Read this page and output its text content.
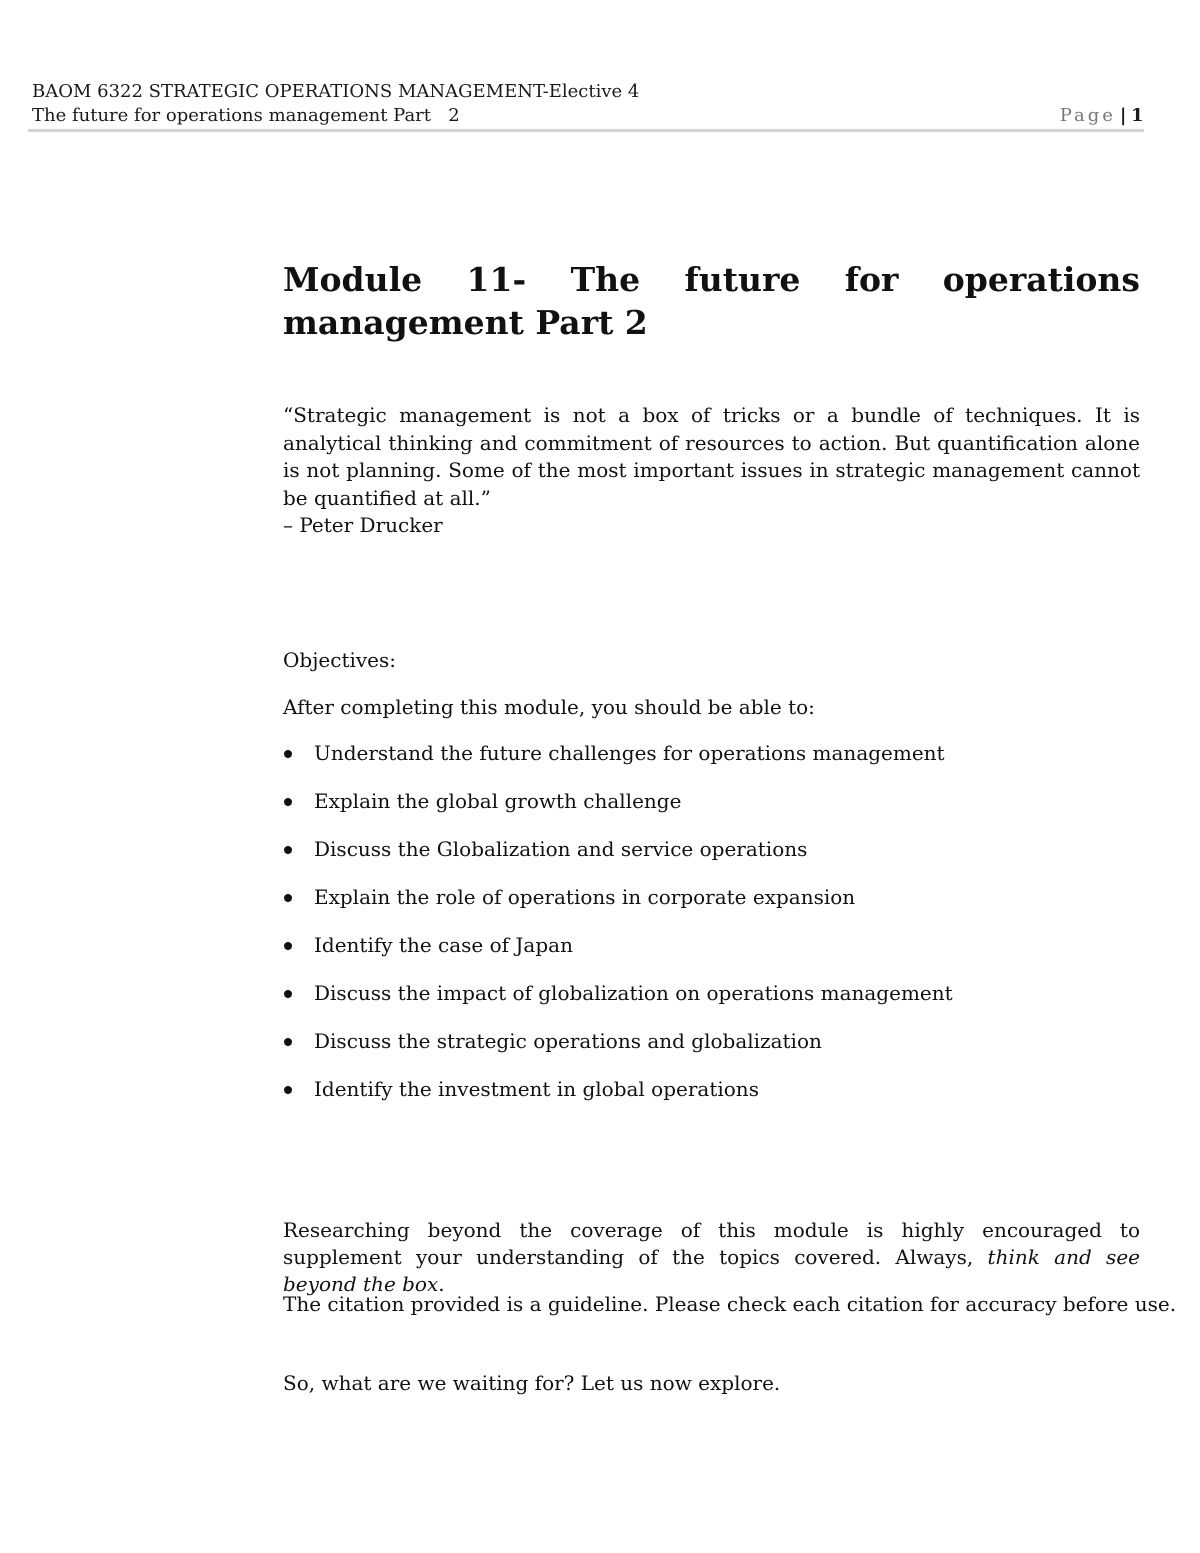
BAOM 6322 STRATEGIC OPERATIONS MANAGEMENT-Elective 4
The future for operations management Part   2	Page | 1
Module 11- The future for operations management Part 2

“Strategic management is not a box of tricks or a bundle of techniques. It is analytical thinking and commitment of resources to action. But quantification alone is not planning. Some of the most important issues in strategic management cannot be quantified at all.”

– Peter Drucker
Objectives:
After completing this module, you should be able to:
Understand the future challenges for operations management
Explain the global growth challenge
Discuss the Globalization and service operations
Explain the role of operations in corporate expansion
Identify the case of Japan
Discuss the impact of globalization on operations management
Discuss the strategic operations and globalization
Identify the investment in global operations

Researching beyond the coverage of this module is highly encouraged to supplement your understanding of the topics covered. Always, think and see beyond the box.

The citation provided is a guideline. Please check each citation for accuracy before use.
So, what are we waiting for? Let us now explore.
